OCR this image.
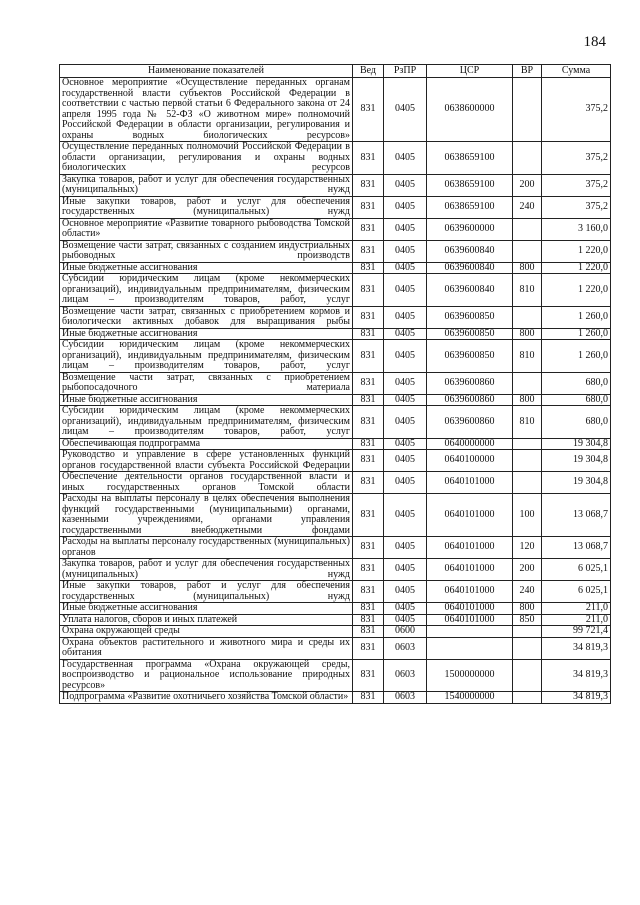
184
Наименование показателей	Вед	РзПР	ЦСР	ВР	Сумма
Основное мероприятие «Осуществление переданных органам государственной власти субъектов Российской Федерации в соответствии с частью первой статьи 6 Федерального закона от 24 апреля 1995 года № 52-ФЗ «О животном мире» полномочий Российской Федерации в области организации, регулирования и охраны водных биологических ресурсов»	831	0405	0638600000		375,2
Осуществление переданных полномочий Российской Федерации в области организации, регулирования и охраны водных биологических ресурсов	831	0405	0638659100		375,2
Закупка товаров, работ и услуг для обеспечения государственных (муниципальных) нужд	831	0405	0638659100	200	375,2
Иные закупки товаров, работ и услуг для обеспечения государственных (муниципальных) нужд	831	0405	0638659100	240	375,2
Основное мероприятие «Развитие товарного рыбоводства Томской области»	831	0405	0639600000		3 160,0
Возмещение части затрат, связанных с созданием индустриальных рыбоводных производств	831	0405	0639600840		1 220,0
Иные бюджетные ассигнования	831	0405	0639600840	800	1 220,0
Субсидии юридическим лицам (кроме некоммерческих организаций), индивидуальным предпринимателям, физическим лицам – производителям товаров, работ, услуг	831	0405	0639600840	810	1 220,0
Возмещение части затрат, связанных с приобретением кормов и биологически активных добавок для выращивания рыбы	831	0405	0639600850		1 260,0
Иные бюджетные ассигнования	831	0405	0639600850	800	1 260,0
Субсидии юридическим лицам (кроме некоммерческих организаций), индивидуальным предпринимателям, физическим лицам – производителям товаров, работ, услуг	831	0405	0639600850	810	1 260,0
Возмещение части затрат, связанных с приобретением рыбопосадочного материала	831	0405	0639600860		680,0
Иные бюджетные ассигнования	831	0405	0639600860	800	680,0
Субсидии юридическим лицам (кроме некоммерческих организаций), индивидуальным предпринимателям, физическим лицам – производителям товаров, работ, услуг	831	0405	0639600860	810	680,0
Обеспечивающая подпрограмма	831	0405	0640000000		19 304,8
Руководство и управление в сфере установленных функций органов государственной власти субъекта Российской Федерации	831	0405	0640100000		19 304,8
Обеспечение деятельности органов государственной власти и иных государственных органов Томской области	831	0405	0640101000		19 304,8
Расходы на выплаты персоналу в целях обеспечения выполнения функций государственными (муниципальными) органами, казенными учреждениями, органами управления государственными внебюджетными фондами	831	0405	0640101000	100	13 068,7
Расходы на выплаты персоналу государственных (муниципальных) органов	831	0405	0640101000	120	13 068,7
Закупка товаров, работ и услуг для обеспечения государственных (муниципальных) нужд	831	0405	0640101000	200	6 025,1
Иные закупки товаров, работ и услуг для обеспечения государственных (муниципальных) нужд	831	0405	0640101000	240	6 025,1
Иные бюджетные ассигнования	831	0405	0640101000	800	211,0
Уплата налогов, сборов и иных платежей	831	0405	0640101000	850	211,0
Охрана окружающей среды	831	0600			99 721,4
Охрана объектов растительного и животного мира и среды их обитания	831	0603			34 819,3
Государственная программа «Охрана окружающей среды, воспроизводство и рациональное использование природных ресурсов»	831	0603	1500000000		34 819,3
Подпрограмма «Развитие охотничьего хозяйства Томской области»	831	0603	1540000000		34 819,3
